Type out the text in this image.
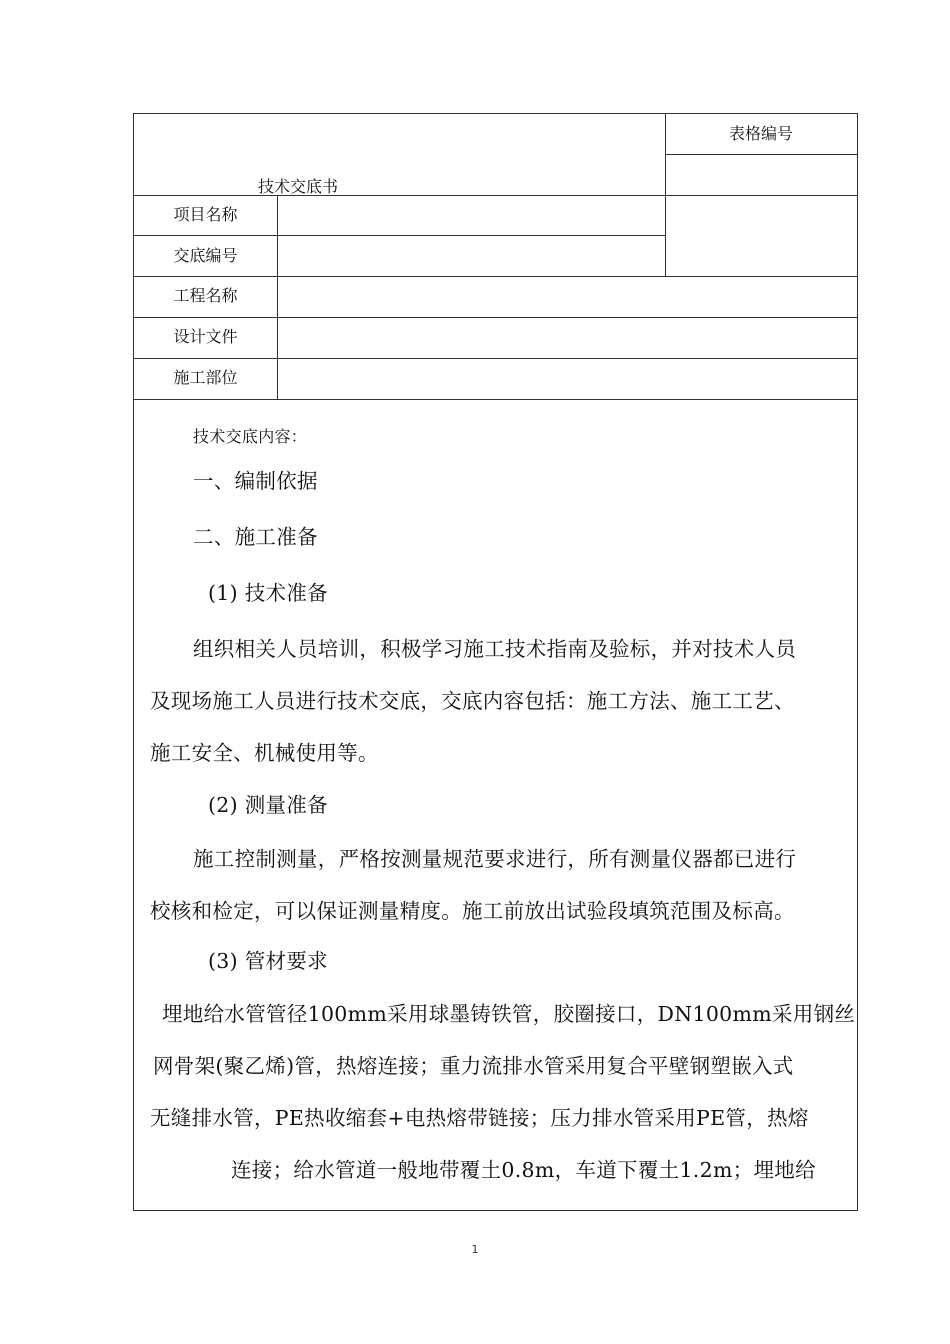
技术交底书
表格编号
项目名称
交底编号
工程名称
设计文件
施工部位
技术交底内容：
一、编制依据
二、施工准备
(1) 技术准备
组织相关人员培训，积极学习施工技术指南及验标，并对技术人员
及现场施工人员进行技术交底，交底内容包括：施工方法、施工工艺、
施工安全、机械使用等。
(2) 测量准备
施工控制测量，严格按测量规范要求进行，所有测量仪器都已进行
校核和检定，可以保证测量精度。施工前放出试验段填筑范围及标高。
(3) 管材要求
埋地给水管管径100mm采用球墨铸铁管，胶圈接口，DN100mm采用钢丝
网骨架(聚乙烯)管，热熔连接；重力流排水管采用复合平壁钢塑嵌入式
无缝排水管，PE热收缩套+电热熔带链接；压力排水管采用PE管，热熔
连接；给水管道一般地带覆土0.8m，车道下覆土1.2m；埋地给
1
